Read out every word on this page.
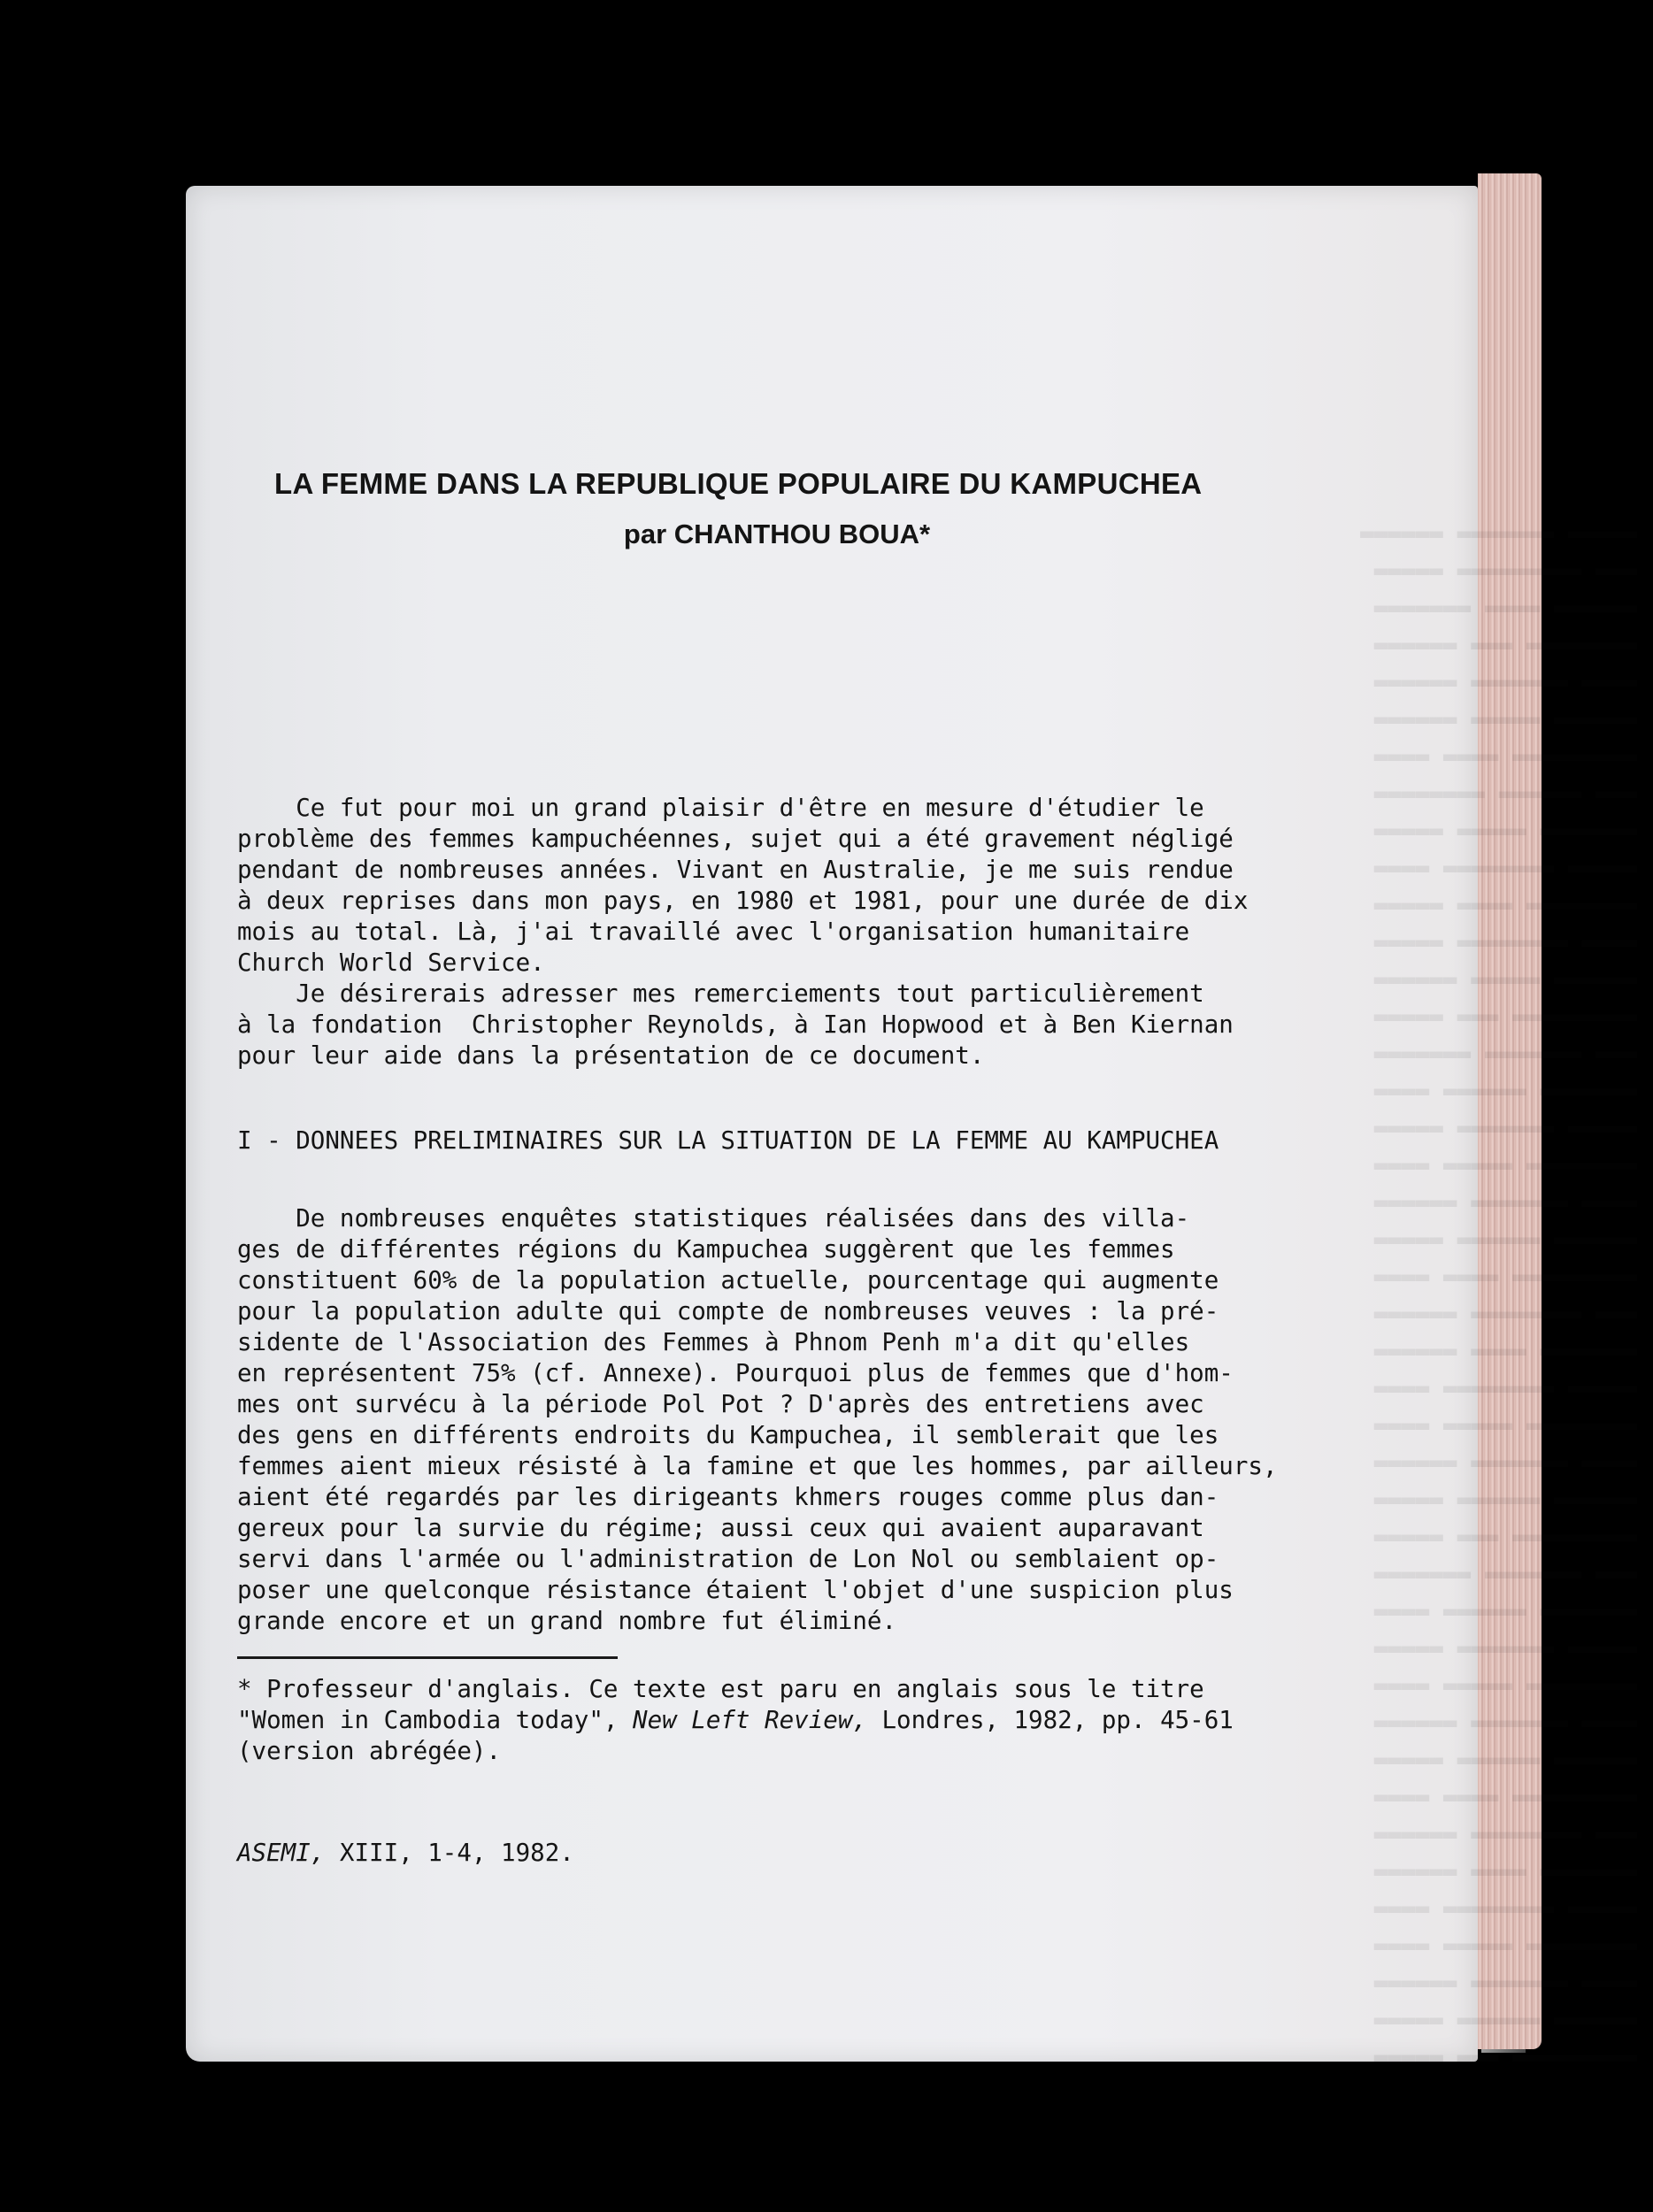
▬▬▬▬▬ ▬▬▬▬▬▬▬ ▬▬▬▬▬▬
▬▬▬ ▬▬▬▬▬▬▬▬▬ ▬▬▬▬▬
▬▬▬▬▬▬ ▬▬▬▬ ▬▬▬▬▬▬▬
▬▬▬▬▬▬▬▬ ▬▬▬ ▬▬▬▬▬▬
▬▬▬▬ ▬▬▬▬▬▬▬ ▬▬▬▬▬▬
▬▬▬▬▬▬ ▬▬▬▬▬ ▬▬▬▬▬▬
▬▬▬▬▬▬▬▬▬ ▬▬▬▬ ▬▬▬▬
▬▬▬ ▬▬▬▬▬▬ ▬▬▬▬▬▬▬▬
▬▬▬▬▬▬▬ ▬▬▬▬▬ ▬▬▬▬▬
▬▬▬▬▬ ▬▬▬▬▬▬▬▬ ▬▬▬▬
▬▬▬▬▬▬▬▬ ▬▬▬▬ ▬▬▬▬▬
▬▬▬▬ ▬▬▬▬▬▬▬▬ ▬▬▬▬▬
▬▬▬▬▬▬ ▬▬▬▬▬ ▬▬▬▬▬▬
▬▬▬▬▬▬▬▬▬ ▬▬▬ ▬▬▬▬▬
▬▬▬ ▬▬▬▬▬▬▬ ▬▬▬▬▬▬▬
▬▬▬▬▬▬▬ ▬▬▬▬▬▬ ▬▬▬▬
▬▬▬▬▬ ▬▬▬▬▬▬▬ ▬▬▬▬▬
▬▬▬▬▬▬▬▬ ▬▬▬▬▬ ▬▬▬▬
▬▬▬▬ ▬▬▬▬▬▬▬ ▬▬▬▬▬▬
▬▬▬▬▬▬ ▬▬▬▬▬▬ ▬▬▬▬▬
▬▬▬▬▬▬▬▬▬ ▬▬▬▬ ▬▬▬▬
▬▬▬ ▬▬▬▬▬▬▬▬ ▬▬▬▬▬▬
▬▬▬▬▬▬▬ ▬▬▬▬ ▬▬▬▬▬▬
▬▬▬▬▬ ▬▬▬▬▬▬▬▬ ▬▬▬▬
▬▬▬▬▬▬▬▬ ▬▬▬▬▬ ▬▬▬▬
▬▬▬▬ ▬▬▬▬▬▬▬ ▬▬▬▬▬▬
▬▬▬▬▬▬ ▬▬▬▬▬▬ ▬▬▬▬▬
▬▬▬▬▬▬▬▬▬ ▬▬▬ ▬▬▬▬▬
▬▬▬ ▬▬▬▬▬▬▬ ▬▬▬▬▬▬▬
▬▬▬▬▬▬▬ ▬▬▬▬▬▬ ▬▬▬▬
▬▬▬▬▬ ▬▬▬▬▬▬▬ ▬▬▬▬▬
▬▬▬▬▬▬▬▬ ▬▬▬▬▬ ▬▬▬▬
▬▬▬▬ ▬▬▬▬▬▬▬ ▬▬▬▬▬▬
▬▬▬▬▬▬ ▬▬▬▬▬▬ ▬▬▬▬▬
▬▬▬▬▬▬▬▬▬ ▬▬▬▬ ▬▬▬▬
▬▬▬ ▬▬▬▬▬▬▬▬ ▬▬▬▬▬▬
▬▬▬▬▬▬▬ ▬▬▬▬ ▬▬▬▬▬▬
▬▬▬▬▬ ▬▬▬▬▬▬▬▬ ▬▬▬▬
▬▬▬▬▬▬▬▬ ▬▬▬▬▬ ▬▬▬▬
▬▬▬▬ ▬▬▬▬▬▬▬ ▬▬▬▬▬▬
▬▬▬▬▬▬ ▬▬▬▬▬▬ ▬▬▬▬▬
▬▬▬▬▬▬▬▬▬ ▬▬▬ ▬▬▬▬▬

LA FEMME DANS LA REPUBLIQUE POPULAIRE DU KAMPUCHEA
par CHANTHOU BOUA*

Ce fut pour moi un grand plaisir d'être en mesure d'étudier le
problème des femmes kampuchéennes, sujet qui a été gravement négligé
pendant de nombreuses années. Vivant en Australie, je me suis rendue
à deux reprises dans mon pays, en 1980 et 1981, pour une durée de dix
mois au total. Là, j'ai travaillé avec l'organisation humanitaire
Church World Service.

Je désirerais adresser mes remerciements tout particulièrement
à la fondation  Christopher Reynolds, à Ian Hopwood et à Ben Kiernan
pour leur aide dans la présentation de ce document.

I - DONNEES PRELIMINAIRES SUR LA SITUATION DE LA FEMME AU KAMPUCHEA

De nombreuses enquêtes statistiques réalisées dans des villa-
ges de différentes régions du Kampuchea suggèrent que les femmes
constituent 60% de la population actuelle, pourcentage qui augmente
pour la population adulte qui compte de nombreuses veuves : la pré-
sidente de l'Association des Femmes à Phnom Penh m'a dit qu'elles
en représentent 75% (cf. Annexe). Pourquoi plus de femmes que d'hom-
mes ont survécu à la période Pol Pot ? D'après des entretiens avec
des gens en différents endroits du Kampuchea, il semblerait que les
femmes aient mieux résisté à la famine et que les hommes, par ailleurs,
aient été regardés par les dirigeants khmers rouges comme plus dan-
gereux pour la survie du régime; aussi ceux qui avaient auparavant
servi dans l'armée ou l'administration de Lon Nol ou semblaient op-
poser une quelconque résistance étaient l'objet d'une suspicion plus
grande encore et un grand nombre fut éliminé.

* Professeur d'anglais. Ce texte est paru en anglais sous le titre
"Women in Cambodia today", New Left Review, Londres, 1982, pp. 45-61
(version abrégée).

ASEMI, XIII, 1-4, 1982.
